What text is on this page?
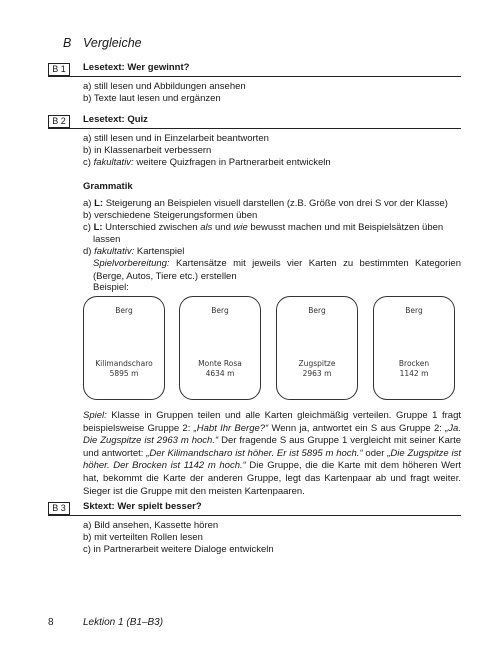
B Vergleiche
B 1	Lesetext: Wer gewinnt?
a) still lesen und Abbildungen ansehen
b) Texte laut lesen und ergänzen
B 2	Lesetext: Quiz
a) still lesen und in Einzelarbeit beantworten
b) in Klassenarbeit verbessern
c) fakultativ: weitere Quizfragen in Partnerarbeit entwickeln
Grammatik
a) L: Steigerung an Beispielen visuell darstellen (z.B. Größe von drei S vor der Klasse)
b) verschiedene Steigerungsformen üben
c) L: Unterschied zwischen als und wie bewusst machen und mit Beispielsätzen üben
lassen
d) fakultativ: Kartenspiel
Spielvorbereitung: Kartensätze mit jeweils vier Karten zu bestimmten Kategorien (Berge, Autos, Tiere etc.) erstellen
Beispiel:
Berg
Kilimandscharo
5895 m
Berg
Monte Rosa
4634 m
Berg
Zugspitze
2963 m
Berg
Brocken
1142 m
Spiel: Klasse in Gruppen teilen und alle Karten gleichmäßig verteilen. Gruppe 1 fragt beispielsweise Gruppe 2: „Habt Ihr Berge?“ Wenn ja, antwortet ein S aus Gruppe 2: „Ja. Die Zugspitze ist 2963 m hoch.“ Der fragende S aus Gruppe 1 vergleicht mit seiner Karte und antwortet: „Der Kilimandscharo ist höher. Er ist 5895 m hoch.“ oder „Die Zugspitze ist höher. Der Brocken ist 1142 m hoch.“ Die Gruppe, die die Karte mit dem höheren Wert hat, bekommt die Karte der anderen Gruppe, legt das Kartenpaar ab und fragt weiter. Sieger ist die Gruppe mit den meisten Kartenpaaren.
B 3	Sktext: Wer spielt besser?
a) Bild ansehen, Kassette hören
b) mit verteilten Rollen lesen
c) in Partnerarbeit weitere Dialoge entwickeln
8	Lektion 1 (B1–B3)
